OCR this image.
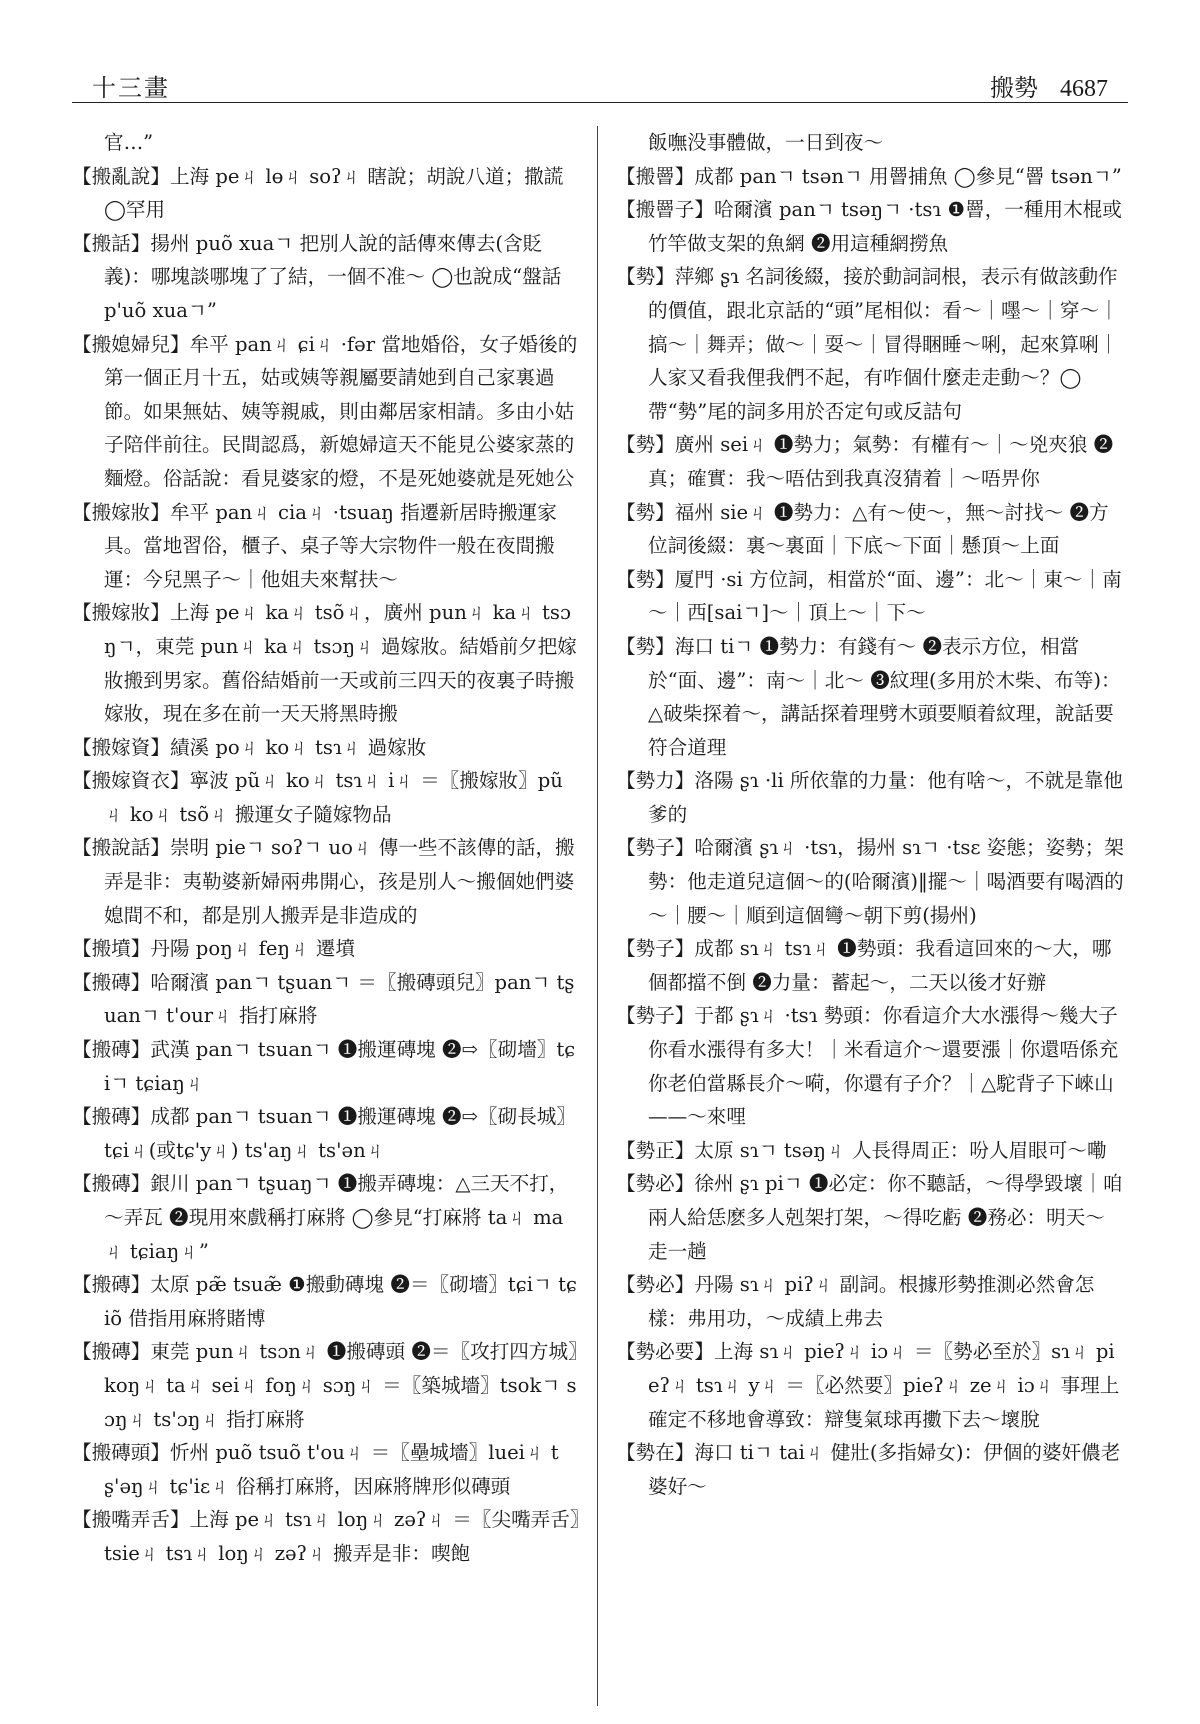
十三畫	搬勢 4687

官…”

【搬亂說】上海 peㄐ lөㄐ soʔㄐ 瞎說；胡說八道；撒謊 ◯罕用

【搬話】揚州 puõ xuaㄱ 把別人說的話傳來傳去(含貶義)：哪塊談哪塊了了結，一個不准～ ◯也說成“盤話 p'uõ xuaㄱ”

【搬媳婦兒】牟平 panㄐ ɕiㄐ ·fər 當地婚俗，女子婚後的第一個正月十五，姑或姨等親屬要請她到自己家裏過節。如果無姑、姨等親戚，則由鄰居家相請。多由小姑子陪伴前往。民間認爲，新媳婦這天不能見公婆家蒸的麵燈。俗話說：看見婆家的燈，不是死她婆就是死她公

【搬嫁妝】牟平 panㄐ ciaㄐ ·tsuaŋ 指遷新居時搬運家具。當地習俗，櫃子、桌子等大宗物件一般在夜間搬運：今兒黑子～｜他姐夫來幫扶～

【搬嫁妝】上海 peㄐ kaㄐ tsõㄐ，廣州 punㄐ kaㄐ tsɔŋㄱ，東莞 punㄐ kaㄐ tsɔŋㄐ 過嫁妝。結婚前夕把嫁妝搬到男家。舊俗結婚前一天或前三四天的夜裏子時搬嫁妝，現在多在前一天天將黑時搬

【搬嫁資】績溪 poㄐ koㄐ tsɿㄐ 過嫁妝

【搬嫁資衣】寧波 pũㄐ koㄐ tsɿㄐ iㄐ ＝〖搬嫁妝〗pũㄐ koㄐ tsõㄐ 搬運女子隨嫁物品

【搬說話】崇明 pieㄱ soʔㄱ uoㄐ 傳一些不該傳的話，搬弄是非：夷勒婆新婦兩弗開心，孩是別人～搬個她們婆媳間不和，都是別人搬弄是非造成的

【搬墳】丹陽 poŋㄐ feŋㄐ 遷墳

【搬磚】哈爾濱 panㄱ tʂuanㄱ ＝〖搬磚頭兒〗panㄱ tʂuanㄱ t'ourㄐ 指打麻將

【搬磚】武漢 panㄱ tsuanㄱ ❶搬運磚塊 ❷⇨〖砌墻〗tɕiㄱ tɕiaŋㄐ

【搬磚】成都 panㄱ tsuanㄱ ❶搬運磚塊 ❷⇨〖砌長城〗tɕiㄐ(或tɕ'yㄐ) ts'aŋㄐ ts'ənㄐ

【搬磚】銀川 panㄱ tʂuaŋㄱ ❶搬弄磚塊：△三天不打，～弄瓦 ❷現用來戲稱打麻將 ◯參見“打麻將 taㄐ maㄐ tɕiaŋㄐ”

【搬磚】太原 pæ̃ tsuæ̃ ❶搬動磚塊 ❷＝〖砌墻〗tɕiㄱ tɕiõ 借指用麻將賭博

【搬磚】東莞 punㄐ tsɔnㄐ ❶搬磚頭 ❷＝〖攻打四方城〗koŋㄐ taㄐ seiㄐ foŋㄐ sɔŋㄐ ＝〖築城墻〗tsokㄱ sɔŋㄐ ts'ɔŋㄐ 指打麻將

【搬磚頭】忻州 puõ tsuõ t'ouㄐ ＝〖壘城墻〗lueiㄐ tʂ'əŋㄐ tɕ'iɛㄐ 俗稱打麻將，因麻將牌形似磚頭

【搬嘴弄舌】上海 peㄐ tsɿㄐ loŋㄐ zəʔㄐ ＝〖尖嘴弄舌〗tsieㄐ tsɿㄐ loŋㄐ zəʔㄐ 搬弄是非：喫飽

飯嘸没事體做，一日到夜～

【搬罾】成都 panㄱ tsənㄱ 用罾捕魚 ◯參見“罾 tsənㄱ”

【搬罾子】哈爾濱 panㄱ tsəŋㄱ ·tsɿ ❶罾，一種用木棍或竹竿做支架的魚網 ❷用這種網撈魚

【勢】萍鄉 ʂɿ 名詞後綴，接於動詞詞根，表示有做該動作的價值，跟北京話的“頭”尾相似：看～｜嚜～｜穿～｜搞～｜舞弄；做～｜耍～｜冒得睏睡～唎，起來算唎｜人家又看我俚我們不起，有咋個什麼走走動～？◯帶“勢”尾的詞多用於否定句或反詰句

【勢】廣州 seiㄐ ❶勢力；氣勢：有權有～｜～兇夾狼 ❷真；確實：我～唔估到我真沒猜着｜～唔畀你

【勢】福州 sieㄐ ❶勢力：△有～使～，無～討找～ ❷方位詞後綴：裏～裏面｜下底～下面｜懸頂～上面

【勢】厦門 ·si 方位詞，相當於“面、邊”：北～｜東～｜南～｜西[saiㄱ]～｜頂上～｜下～

【勢】海口 tiㄱ ❶勢力：有錢有～ ❷表示方位，相當於“面、邊”：南～｜北～ ❸紋理(多用於木柴、布等)：△破柴探着～，講話探着理劈木頭要順着紋理，說話要符合道理

【勢力】洛陽 ʂɿ ·li 所依靠的力量：他有啥～，不就是靠他爹的

【勢子】哈爾濱 ʂɿㄐ ·tsɿ，揚州 sɿㄱ ·tsɛ 姿態；姿勢；架勢：他走道兒這個～的(哈爾濱)‖擺～｜喝酒要有喝酒的～｜腰～｜順到這個彎～朝下剪(揚州)

【勢子】成都 sɿㄐ tsɿㄐ ❶勢頭：我看這回來的～大，哪個都擋不倒 ❷力量：蓄起～，二天以後才好辦

【勢子】于都 ʂɿㄐ ·tsɿ 勢頭：你看這介大水漲得～幾大子你看水漲得有多大！｜米看這介～還要漲｜你還唔係充你老伯當縣長介～嗬，你還有子介？｜△駝背子下崍山——～來哩

【勢正】太原 sɿㄱ tsəŋㄐ 人長得周正：吩人眉眼可～嘞

【勢必】徐州 ʂɿ piㄱ ❶必定：你不聽話，～得學毀壞｜咱兩人給恁麽多人剋架打架，～得吃虧 ❷務必：明天～走一趟

【勢必】丹陽 sɿㄐ piʔㄐ 副詞。根據形勢推測必然會怎樣：弗用功，～成績上弗去

【勢必要】上海 sɿㄐ pieʔㄐ iɔㄐ ＝〖勢必至於〗sɿㄐ pieʔㄐ tsɿㄐ yㄐ ＝〖必然要〗pieʔㄐ zeㄐ iɔㄐ 事理上確定不移地會導致：辯隻氣球再擻下去～壞脫

【勢在】海口 tiㄱ taiㄐ 健壯(多指婦女)：伊個的婆奸儂老婆好～
